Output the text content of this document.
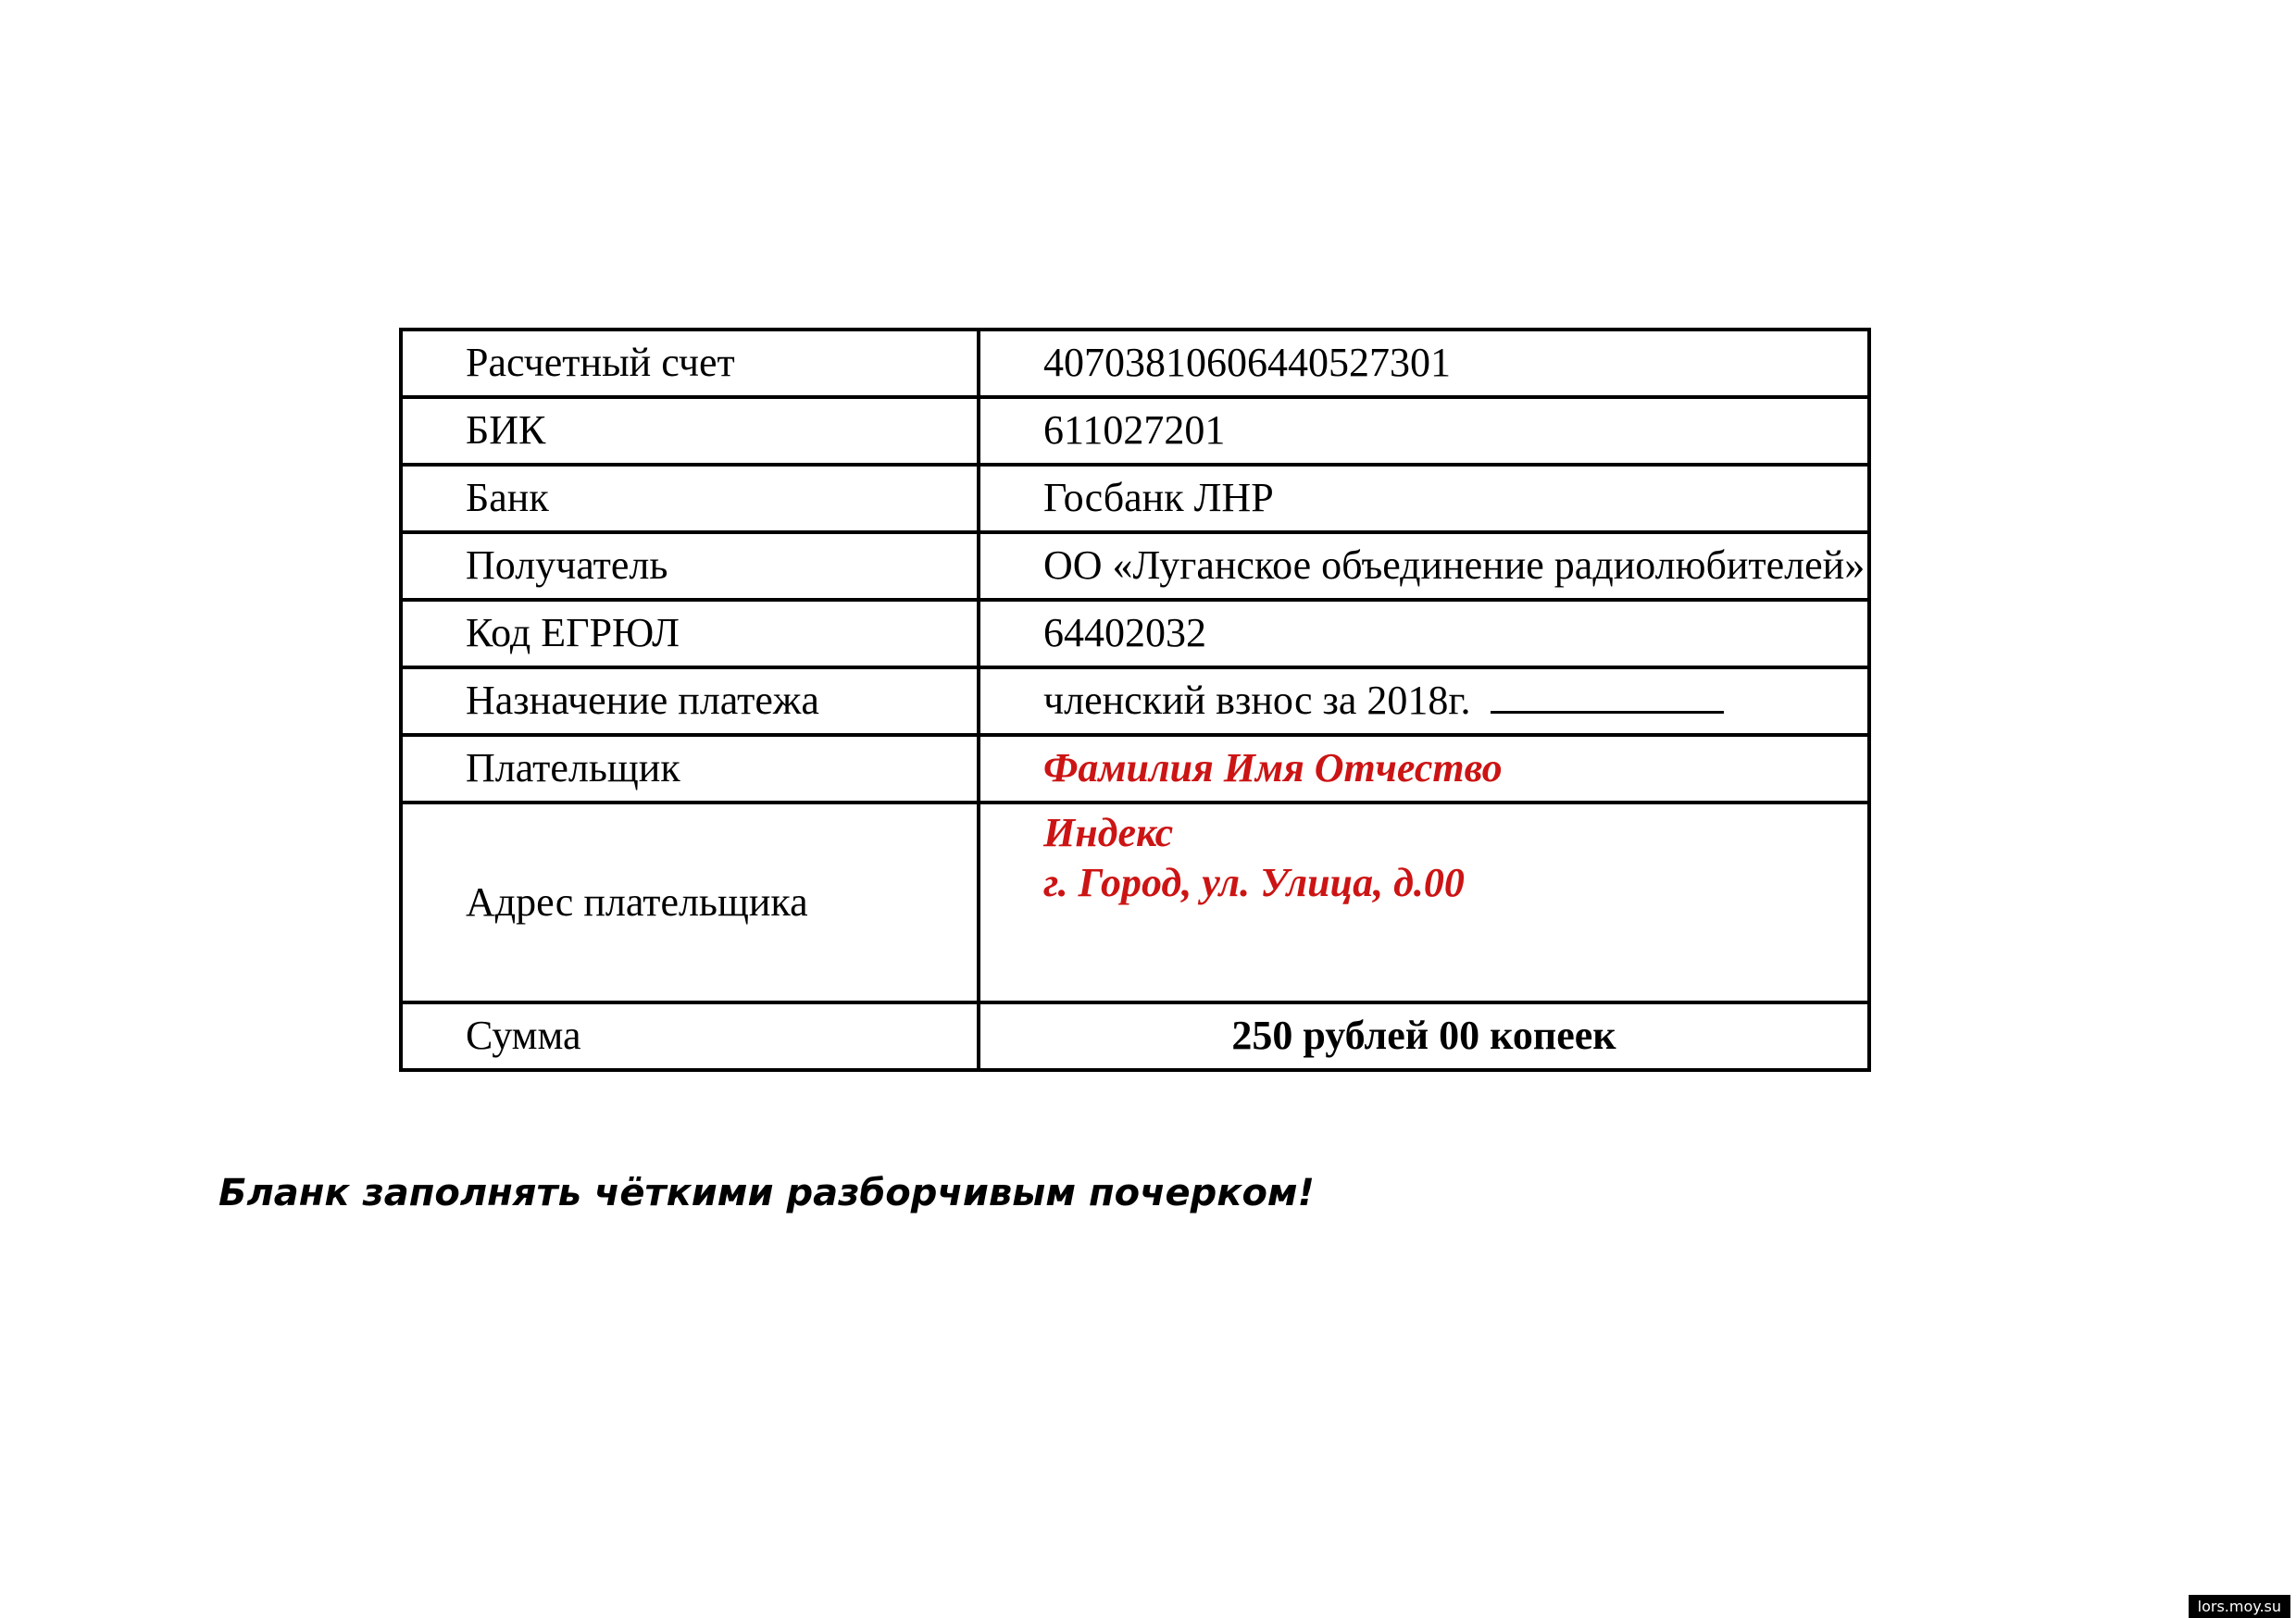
Расчетный счет	40703810606440527301
БИК	611027201
Банк	Госбанк ЛНР
Получатель	ОО «Луганское объединение радиолюбителей»
Код ЕГРЮЛ	64402032
Назначение платежа	членский взнос за 2018г.
Плательщик	Фамилия Имя Отчество
Адрес плательщика	Индекс
г. Город, ул. Улица, д.00

Сумма	250 рублей 00 копеек
Бланк заполнять чёткими разборчивым почерком!
lors.moy.su
